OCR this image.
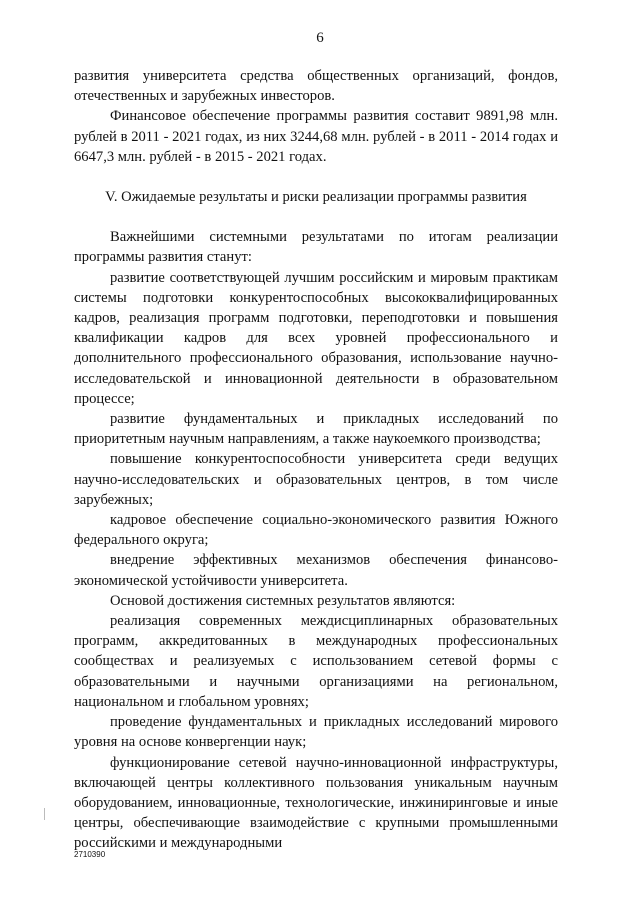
6

развития университета средства общественных организаций, фондов, отечественных и зарубежных инвесторов.

Финансовое обеспечение программы развития составит 9891,98 млн. рублей в 2011 - 2021 годах, из них 3244,68 млн. рублей - в 2011 - 2014 годах и 6647,3 млн. рублей - в 2015 - 2021 годах.

V. Ожидаемые результаты и риски реализации программы развития

Важнейшими системными результатами по итогам реализации программы развития станут:

развитие соответствующей лучшим российским и мировым практикам системы подготовки конкурентоспособных высококвалифицированных кадров, реализация программ подготовки, переподготовки и повышения квалификации кадров для всех уровней профессионального и дополнительного профессионального образования, использование научно-исследовательской и инновационной деятельности в образовательном процессе;

развитие фундаментальных и прикладных исследований по приоритетным научным направлениям, а также наукоемкого производства;

повышение конкурентоспособности университета среди ведущих научно-исследовательских и образовательных центров, в том числе зарубежных;

кадровое обеспечение социально-экономического развития Южного федерального округа;

внедрение эффективных механизмов обеспечения финансово-экономической устойчивости университета.

Основой достижения системных результатов являются:

реализация современных междисциплинарных образовательных программ, аккредитованных в международных профессиональных сообществах и реализуемых с использованием сетевой формы с образовательными и научными организациями на региональном, национальном и глобальном уровнях;

проведение фундаментальных и прикладных исследований мирового уровня на основе конвергенции наук;

функционирование сетевой научно-инновационной инфраструктуры, включающей центры коллективного пользования уникальным научным оборудованием, инновационные, технологические, инжиниринговые и иные центры, обеспечивающие взаимодействие с крупными промышленными российскими и международными

2710390
